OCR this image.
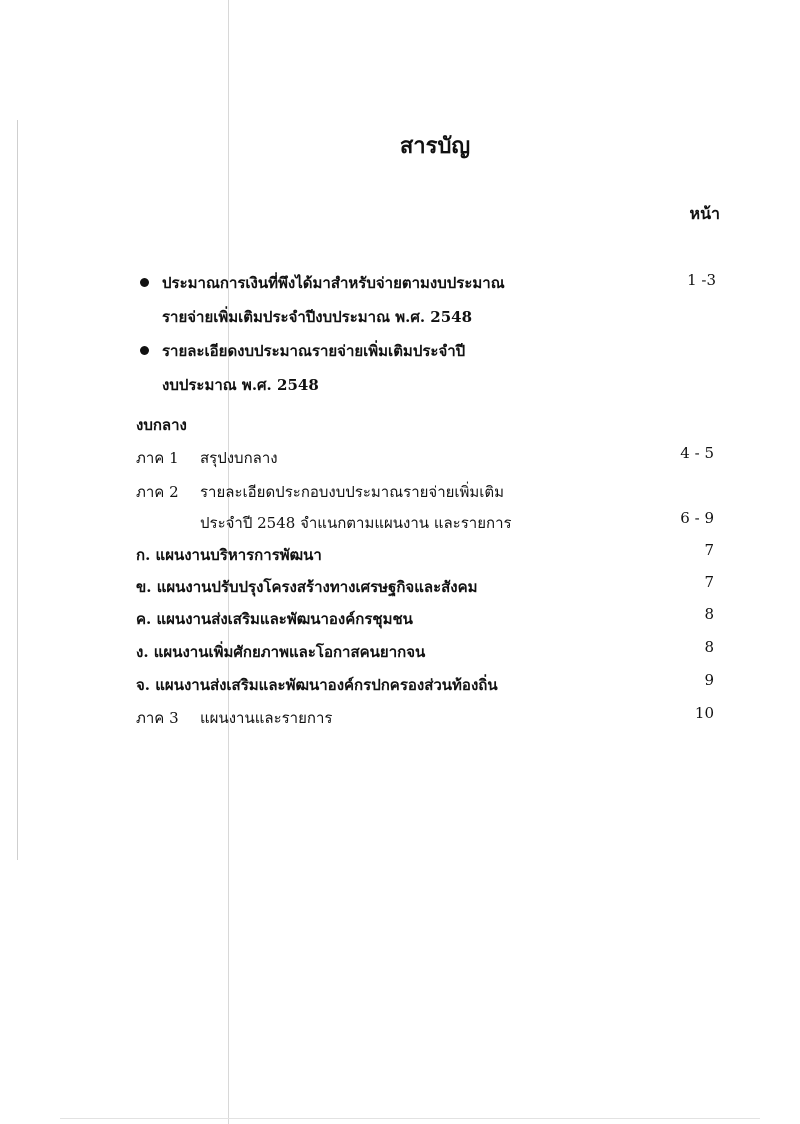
สารบัญ
หน้า
ประมาณการเงินที่พึงได้มาสำหรับจ่ายตามงบประมาณ	1 -3
รายจ่ายเพิ่มเติมประจำปีงบประมาณ พ.ศ. 2548
รายละเอียดงบประมาณรายจ่ายเพิ่มเติมประจำปี
งบประมาณ พ.ศ. 2548
งบกลาง
ภาค 1 สรุปงบกลาง	4 - 5
ภาค 2 รายละเอียดประกอบงบประมาณรายจ่ายเพิ่มเติม
ประจำปี 2548 จำแนกตามแผนงาน และรายการ	6 - 9
ก. แผนงานบริหารการพัฒนา	7
ข. แผนงานปรับปรุงโครงสร้างทางเศรษฐกิจและสังคม	7
ค. แผนงานส่งเสริมและพัฒนาองค์กรชุมชน	8
ง. แผนงานเพิ่มศักยภาพและโอกาสคนยากจน	8
จ. แผนงานส่งเสริมและพัฒนาองค์กรปกครองส่วนท้องถิ่น	9
ภาค 3 แผนงานและรายการ	10
